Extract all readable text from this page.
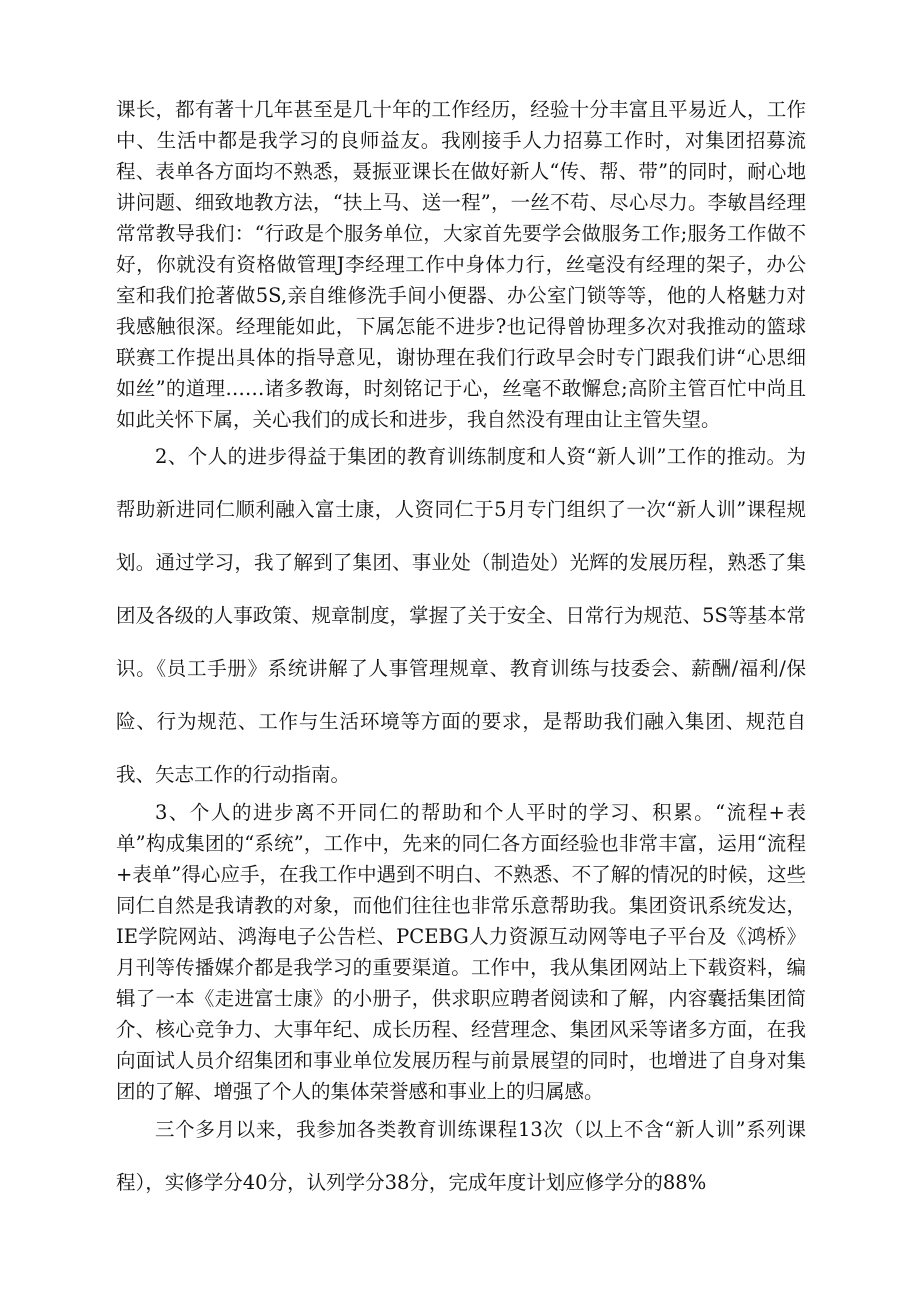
课长，都有著十几年甚至是几十年的工作经历，经验十分丰富且平易近人，工作中、生活中都是我学习的良师益友。我刚接手人力招募工作时，对集团招募流程、表单各方面均不熟悉，聂振亚课长在做好新人“传、帮、带”的同时，耐心地讲问题、细致地教方法，“扶上马、送一程”，一丝不苟、尽心尽力。李敏昌经理常常教导我们：“行政是个服务单位，大家首先要学会做服务工作;服务工作做不好，你就没有资格做管理J李经理工作中身体力行，丝毫没有经理的架子，办公室和我们抢著做5S,亲自维修洗手间小便器、办公室门锁等等，他的人格魅力对我感触很深。经理能如此，下属怎能不进步?也记得曾协理多次对我推动的篮球联赛工作提出具体的指导意见，谢协理在我们行政早会时专门跟我们讲“心思细如丝”的道理……诸多教诲，时刻铭记于心，丝毫不敢懈怠;高阶主管百忙中尚且如此关怀下属，关心我们的成长和进步，我自然没有理由让主管失望。

2、个人的进步得益于集团的教育训练制度和人资“新人训”工作的推动。为帮助新进同仁顺利融入富士康，人资同仁于5月专门组织了一次“新人训”课程规划。通过学习，我了解到了集团、事业处（制造处）光辉的发展历程，熟悉了集团及各级的人事政策、规章制度，掌握了关于安全、日常行为规范、5S等基本常识。《员工手册》系统讲解了人事管理规章、教育训练与技委会、薪酬/福利/保险、行为规范、工作与生活环境等方面的要求，是帮助我们融入集团、规范自我、矢志工作的行动指南。

3、个人的进步离不开同仁的帮助和个人平时的学习、积累。“流程+表单”构成集团的“系统”，工作中，先来的同仁各方面经验也非常丰富，运用“流程+表单”得心应手，在我工作中遇到不明白、不熟悉、不了解的情况的时候，这些同仁自然是我请教的对象，而他们往往也非常乐意帮助我。集团资讯系统发达，IE学院网站、鸿海电子公告栏、PCEBG人力资源互动网等电子平台及《鸿桥》月刊等传播媒介都是我学习的重要渠道。工作中，我从集团网站上下载资料，编辑了一本《走进富士康》的小册子，供求职应聘者阅读和了解，内容囊括集团简介、核心竞争力、大事年纪、成长历程、经营理念、集团风采等诸多方面，在我向面试人员介绍集团和事业单位发展历程与前景展望的同时，也增进了自身对集团的了解、增强了个人的集体荣誉感和事业上的归属感。

三个多月以来，我参加各类教育训练课程13次（以上不含“新人训”系列课程），实修学分40分，认列学分38分，完成年度计划应修学分的88%
